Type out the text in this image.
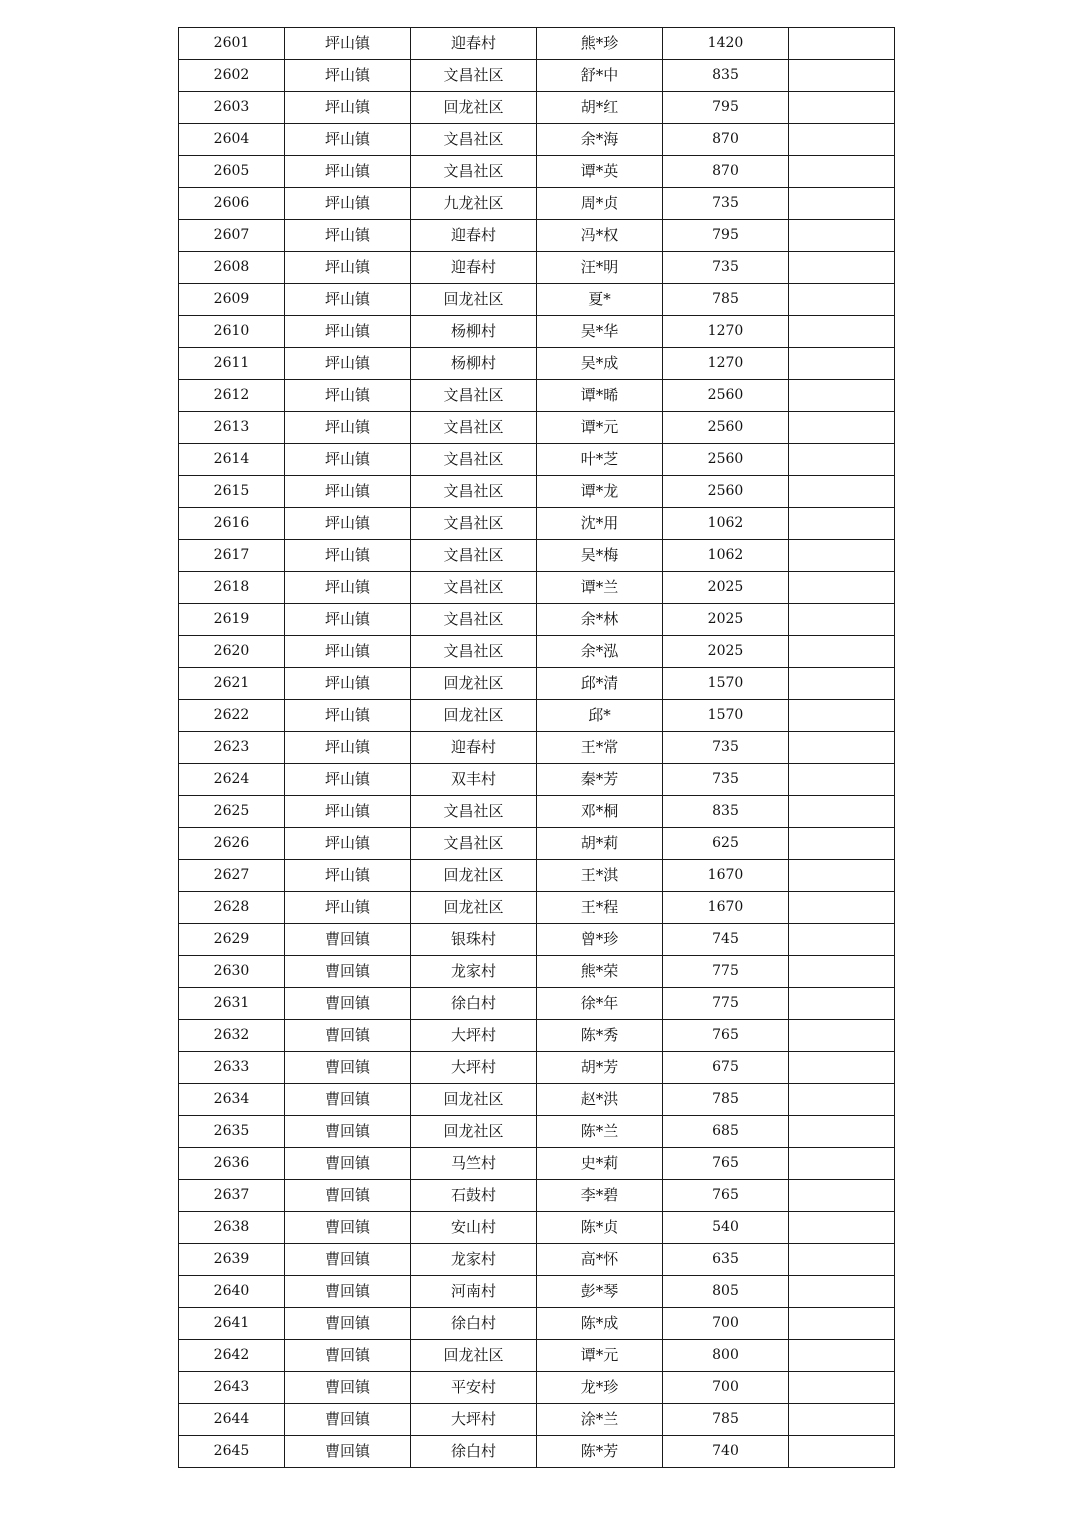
2601	坪山镇	迎春村	熊*珍	1420	
2602	坪山镇	文昌社区	舒*中	835	
2603	坪山镇	回龙社区	胡*红	795	
2604	坪山镇	文昌社区	余*海	870	
2605	坪山镇	文昌社区	谭*英	870	
2606	坪山镇	九龙社区	周*贞	735	
2607	坪山镇	迎春村	冯*权	795	
2608	坪山镇	迎春村	汪*明	735	
2609	坪山镇	回龙社区	夏*	785	
2610	坪山镇	杨柳村	吴*华	1270	
2611	坪山镇	杨柳村	吴*成	1270	
2612	坪山镇	文昌社区	谭*晞	2560	
2613	坪山镇	文昌社区	谭*元	2560	
2614	坪山镇	文昌社区	叶*芝	2560	
2615	坪山镇	文昌社区	谭*龙	2560	
2616	坪山镇	文昌社区	沈*用	1062	
2617	坪山镇	文昌社区	吴*梅	1062	
2618	坪山镇	文昌社区	谭*兰	2025	
2619	坪山镇	文昌社区	余*林	2025	
2620	坪山镇	文昌社区	余*泓	2025	
2621	坪山镇	回龙社区	邱*清	1570	
2622	坪山镇	回龙社区	邱*	1570	
2623	坪山镇	迎春村	王*常	735	
2624	坪山镇	双丰村	秦*芳	735	
2625	坪山镇	文昌社区	邓*桐	835	
2626	坪山镇	文昌社区	胡*莉	625	
2627	坪山镇	回龙社区	王*淇	1670	
2628	坪山镇	回龙社区	王*程	1670	
2629	曹回镇	银珠村	曾*珍	745	
2630	曹回镇	龙家村	熊*荣	775	
2631	曹回镇	徐白村	徐*年	775	
2632	曹回镇	大坪村	陈*秀	765	
2633	曹回镇	大坪村	胡*芳	675	
2634	曹回镇	回龙社区	赵*洪	785	
2635	曹回镇	回龙社区	陈*兰	685	
2636	曹回镇	马竺村	史*莉	765	
2637	曹回镇	石鼓村	李*碧	765	
2638	曹回镇	安山村	陈*贞	540	
2639	曹回镇	龙家村	高*怀	635	
2640	曹回镇	河南村	彭*琴	805	
2641	曹回镇	徐白村	陈*成	700	
2642	曹回镇	回龙社区	谭*元	800	
2643	曹回镇	平安村	龙*珍	700	
2644	曹回镇	大坪村	涂*兰	785	
2645	曹回镇	徐白村	陈*芳	740	
